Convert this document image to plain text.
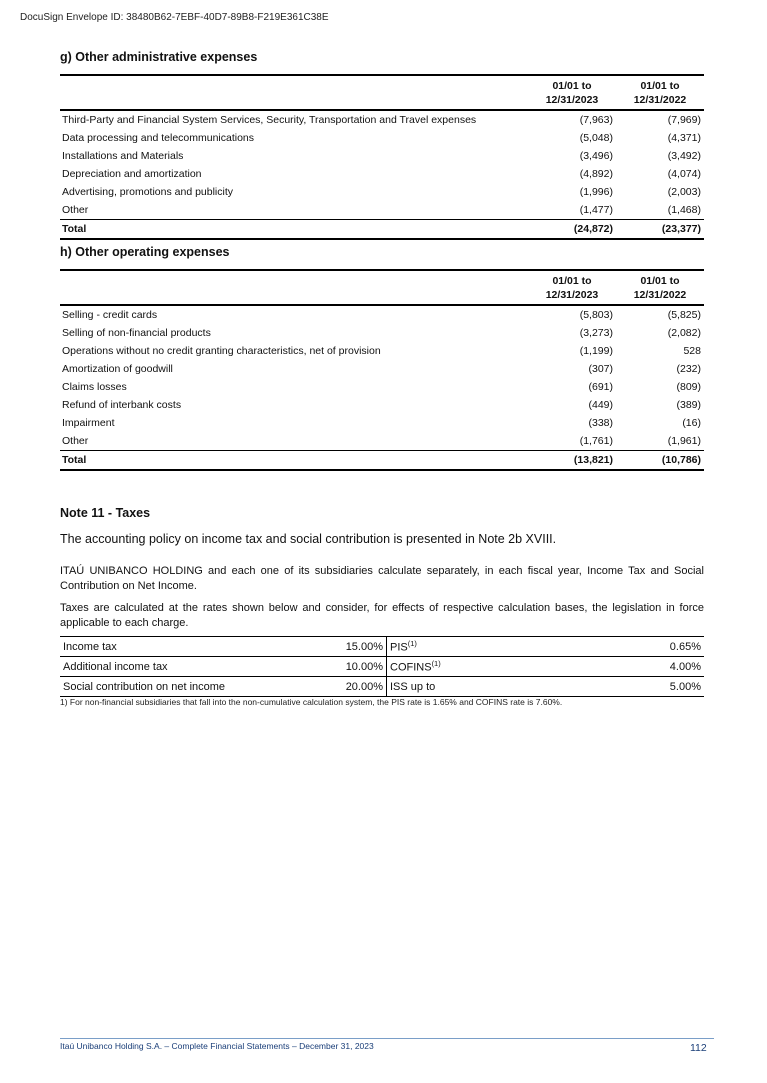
DocuSign Envelope ID: 38480B62-7EBF-40D7-89B8-F219E361C38E
g) Other administrative expenses
	01/01 to
12/31/2023	01/01 to
12/31/2022
Third-Party and Financial System Services, Security, Transportation and Travel expenses	(7,963)	(7,969)
Data processing and telecommunications	(5,048)	(4,371)
Installations and Materials	(3,496)	(3,492)
Depreciation and amortization	(4,892)	(4,074)
Advertising, promotions and publicity	(1,996)	(2,003)
Other	(1,477)	(1,468)
Total	(24,872)	(23,377)
h) Other operating expenses
	01/01 to
12/31/2023	01/01 to
12/31/2022
Selling - credit cards	(5,803)	(5,825)
Selling of non-financial products	(3,273)	(2,082)
Operations without no credit granting characteristics, net of provision	(1,199)	528
Amortization of goodwill	(307)	(232)
Claims losses	(691)	(809)
Refund of interbank costs	(449)	(389)
Impairment	(338)	(16)
Other	(1,761)	(1,961)
Total	(13,821)	(10,786)
Note 11 - Taxes
The accounting policy on income tax and social contribution is presented in Note 2b XVIII.
ITAÚ UNIBANCO HOLDING and each one of its subsidiaries calculate separately, in each fiscal year, Income Tax and Social Contribution on Net Income.
Taxes are calculated at the rates shown below and consider, for effects of respective calculation bases, the legislation in force applicable to each charge.
Income tax	15.00%	PIS$^{(1)}$	0.65%
Additional income tax	10.00%	COFINS$^{(1)}$	4.00%
Social contribution on net income	20.00%	ISS up to	5.00%
1) For non-financial subsidiaries that fall into the non-cumulative calculation system, the PIS rate is 1.65% and COFINS rate is 7.60%.
Itaú Unibanco Holding S.A. – Complete Financial Statements – December 31, 2023	112
